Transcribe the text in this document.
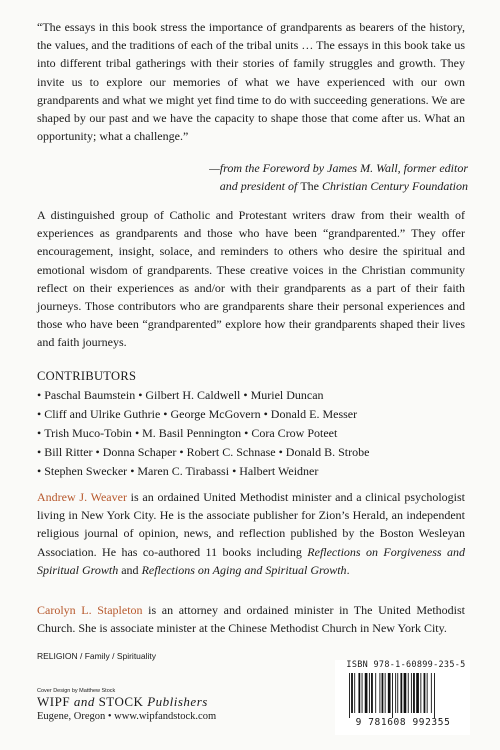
“The essays in this book stress the importance of grandparents as bearers of the history, the values, and the traditions of each of the tribal units … The essays in this book take us into different tribal gatherings with their stories of family struggles and growth. They invite us to explore our memories of what we have experienced with our own grandparents and what we might yet find time to do with succeeding generations. We are shaped by our past and we have the capacity to shape those that come after us. What an opportunity; what a challenge.”

—from the Foreword by James M. Wall, former editor
and president of The Christian Century Foundation

A distinguished group of Catholic and Protestant writers draw from their wealth of experiences as grandparents and those who have been “grandparented.” They offer encouragement, insight, solace, and reminders to others who desire the spiritual and emotional wisdom of grandparents. These creative voices in the Christian community reflect on their experiences as and/or with their grandparents as a part of their faith journeys. Those contributors who are grandparents share their personal experiences and those who have been “grandparented” explore how their grandparents shaped their lives and faith journeys.

CONTRIBUTORS
• Paschal Baumstein • Gilbert H. Caldwell • Muriel Duncan
• Cliff and Ulrike Guthrie • George McGovern • Donald E. Messer
• Trish Muco-Tobin • M. Basil Pennington • Cora Crow Poteet
• Bill Ritter • Donna Schaper • Robert C. Schnase • Donald B. Strobe
• Stephen Swecker • Maren C. Tirabassi • Halbert Weidner

Andrew J. Weaver is an ordained United Methodist minister and a clinical psychologist living in New York City. He is the associate publisher for Zion’s Herald, an independent religious journal of opinion, news, and reflection published by the Boston Wesleyan Association. He has co-authored 11 books including Reflections on Forgiveness and Spiritual Growth and Reflections on Aging and Spiritual Growth.

Carolyn L. Stapleton is an attorney and ordained minister in The United Methodist Church. She is associate minister at the Chinese Methodist Church in New York City.

RELIGION / Family / Spirituality
Cover Design by Matthew Stock
WIPF and STOCK Publishers
Eugene, Oregon • www.wipfandstock.com
ISBN 978-1-60899-235-5
9 781608 992355
